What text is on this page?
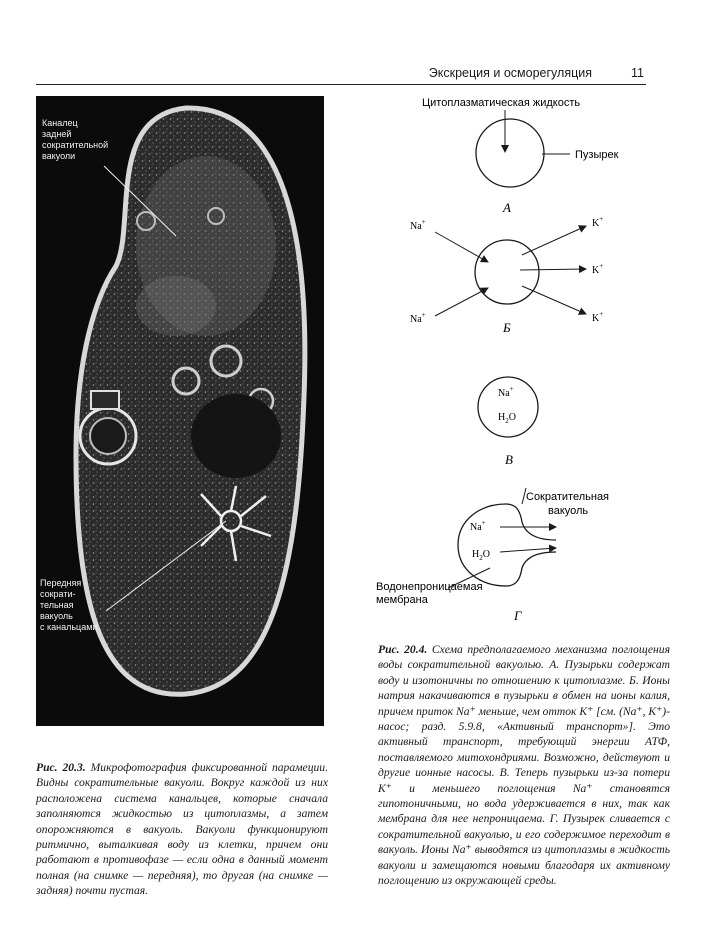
Экскреция и осморегуляция	11
Канaлец
задней
сократительной
вакуоли
Передняя
сократи-
тельная
вакуоль
с канальцами
Цитоплазматическая жидкость
Пузырек
А
Na+
Na+
K+
K+
K+
Б
Na+
$H_2O$
В
Na+
$H_2O$
Сократительная
вакуоль
Водонепроницаемая
мембрана
Г
Рис. 20.3. Микрофотография фиксированной парамеции. Видны сократительные вакуоли. Вокруг каждой из них расположена система канальцев, которые сначала заполняются жидкостью из цитоплазмы, а затем опорожняются в вакуоль. Вакуоли функционируют ритмично, выталкивая воду из клетки, причем они работают в противофазе — если одна в данный момент полная (на снимке — передняя), то другая (на снимке — задняя) почти пустая.
Рис. 20.4. Схема предполагаемого механизма поглощения воды сократительной вакуолью. А. Пузырьки содержат воду и изотоничны по отношению к цитоплазме. Б. Ионы натрия накачиваются в пузырьки в обмен на ионы калия, причем приток Na⁺ меньше, чем отток K⁺ [см. (Na⁺, K⁺)-насос; разд. 5.9.8, «Активный транспорт»]. Это активный транспорт, требующий энергии АТФ, поставляемого митохондриями. Возможно, действуют и другие ионные насосы. В. Теперь пузырьки из-за потери K⁺ и меньшего поглощения Na⁺ становятся гипотоничными, но вода удерживается в них, так как мембрана для нее непроницаема. Г. Пузырек сливается с сократительной вакуолью, и его содержимое переходит в вакуоль. Ионы Na⁺ выводятся из цитоплазмы в жидкость вакуоли и замещаются новыми благодаря их активному поглощению из окружающей среды.
